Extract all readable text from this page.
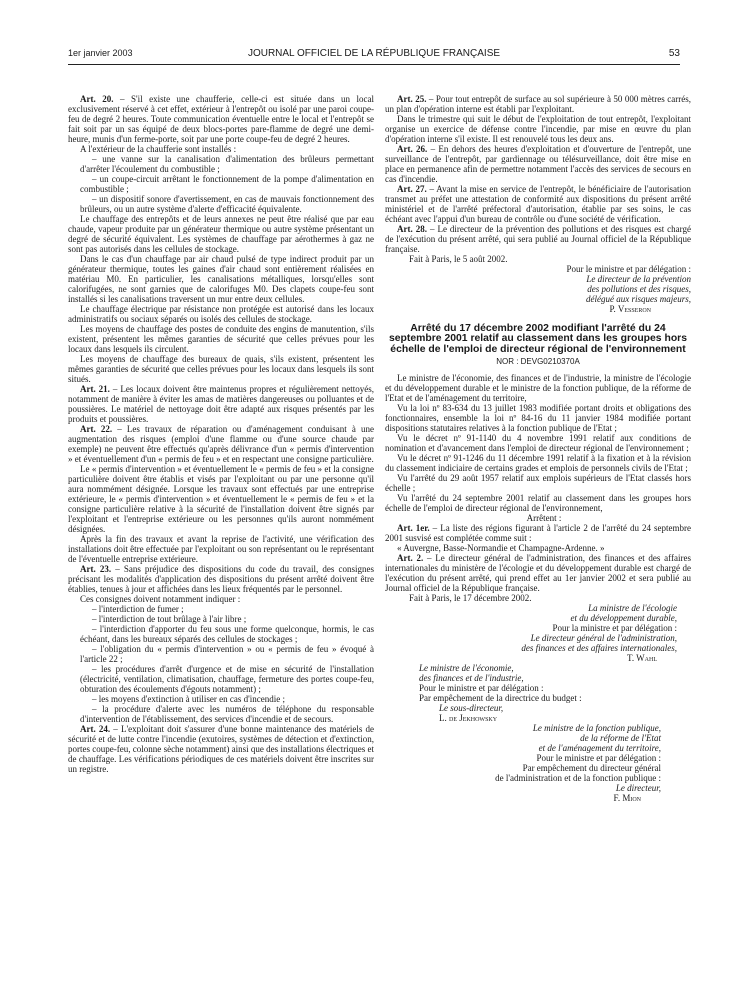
1er janvier 2003	JOURNAL OFFICIEL DE LA RÉPUBLIQUE FRANÇAISE	53

Art. 20. – S'il existe une chaufferie, celle-ci est située dans un local exclusivement réservé à cet effet, extérieur à l'entrepôt ou isolé par une paroi coupe-feu de degré 2 heures. Toute communication éventuelle entre le local et l'entrepôt se fait soit par un sas équipé de deux blocs-portes pare-flamme de degré une demi-heure, munis d'un ferme-porte, soit par une porte coupe-feu de degré 2 heures.

A l'extérieur de la chaufferie sont installés :

– une vanne sur la canalisation d'alimentation des brûleurs permettant d'arrêter l'écoulement du combustible ;

– un coupe-circuit arrêtant le fonctionnement de la pompe d'alimentation en combustible ;

– un dispositif sonore d'avertissement, en cas de mauvais fonctionnement des brûleurs, ou un autre système d'alerte d'efficacité équivalente.

Le chauffage des entrepôts et de leurs annexes ne peut être réalisé que par eau chaude, vapeur produite par un générateur thermique ou autre système présentant un degré de sécurité équivalent. Les systèmes de chauffage par aérothermes à gaz ne sont pas autorisés dans les cellules de stockage.

Dans le cas d'un chauffage par air chaud pulsé de type indirect produit par un générateur thermique, toutes les gaines d'air chaud sont entièrement réalisées en matériau M0. En particulier, les canalisations métalliques, lorsqu'elles sont calorifugées, ne sont garnies que de calorifuges M0. Des clapets coupe-feu sont installés si les canalisations traversent un mur entre deux cellules.

Le chauffage électrique par résistance non protégée est autorisé dans les locaux administratifs ou sociaux séparés ou isolés des cellules de stockage.

Les moyens de chauffage des postes de conduite des engins de manutention, s'ils existent, présentent les mêmes garanties de sécurité que celles prévues pour les locaux dans lesquels ils circulent.

Les moyens de chauffage des bureaux de quais, s'ils existent, présentent les mêmes garanties de sécurité que celles prévues pour les locaux dans lesquels ils sont situés.

Art. 21. – Les locaux doivent être maintenus propres et régulièrement nettoyés, notamment de manière à éviter les amas de matières dangereuses ou polluantes et de poussières. Le matériel de nettoyage doit être adapté aux risques présentés par les produits et poussières.

Art. 22. – Les travaux de réparation ou d'aménagement conduisant à une augmentation des risques (emploi d'une flamme ou d'une source chaude par exemple) ne peuvent être effectués qu'après délivrance d'un « permis d'intervention » et éventuellement d'un « permis de feu » et en respectant une consigne particulière.

Le « permis d'intervention » et éventuellement le « permis de feu » et la consigne particulière doivent être établis et visés par l'exploitant ou par une personne qu'il aura nommément désignée. Lorsque les travaux sont effectués par une entreprise extérieure, le « permis d'intervention » et éventuellement le « permis de feu » et la consigne particulière relative à la sécurité de l'installation doivent être signés par l'exploitant et l'entreprise extérieure ou les personnes qu'ils auront nommément désignées.

Après la fin des travaux et avant la reprise de l'activité, une vérification des installations doit être effectuée par l'exploitant ou son représentant ou le représentant de l'éventuelle entreprise extérieure.

Art. 23. – Sans préjudice des dispositions du code du travail, des consignes précisant les modalités d'application des dispositions du présent arrêté doivent être établies, tenues à jour et affichées dans les lieux fréquentés par le personnel.

Ces consignes doivent notamment indiquer :

– l'interdiction de fumer ;

– l'interdiction de tout brûlage à l'air libre ;

– l'interdiction d'apporter du feu sous une forme quelconque, hormis, le cas échéant, dans les bureaux séparés des cellules de stockages ;

– l'obligation du « permis d'intervention » ou « permis de feu » évoqué à l'article 22 ;

– les procédures d'arrêt d'urgence et de mise en sécurité de l'installation (électricité, ventilation, climatisation, chauffage, fermeture des portes coupe-feu, obturation des écoulements d'égouts notamment) ;

– les moyens d'extinction à utiliser en cas d'incendie ;

– la procédure d'alerte avec les numéros de téléphone du responsable d'intervention de l'établissement, des services d'incendie et de secours.

Art. 24. – L'exploitant doit s'assurer d'une bonne maintenance des matériels de sécurité et de lutte contre l'incendie (exutoires, systèmes de détection et d'extinction, portes coupe-feu, colonne sèche notamment) ainsi que des installations électriques et de chauffage. Les vérifications périodiques de ces matériels doivent être inscrites sur un registre.

Art. 25. – Pour tout entrepôt de surface au sol supérieure à 50 000 mètres carrés, un plan d'opération interne est établi par l'exploitant.

Dans le trimestre qui suit le début de l'exploitation de tout entrepôt, l'exploitant organise un exercice de défense contre l'incendie, par mise en œuvre du plan d'opération interne s'il existe. Il est renouvelé tous les deux ans.

Art. 26. – En dehors des heures d'exploitation et d'ouverture de l'entrepôt, une surveillance de l'entrepôt, par gardiennage ou télésurveillance, doit être mise en place en permanence afin de permettre notamment l'accès des services de secours en cas d'incendie.

Art. 27. – Avant la mise en service de l'entrepôt, le bénéficiaire de l'autorisation transmet au préfet une attestation de conformité aux dispositions du présent arrêté ministériel et de l'arrêté préfectoral d'autorisation, établie par ses soins, le cas échéant avec l'appui d'un bureau de contrôle ou d'une société de vérification.

Art. 28. – Le directeur de la prévention des pollutions et des risques est chargé de l'exécution du présent arrêté, qui sera publié au Journal officiel de la République française.

Fait à Paris, le 5 août 2002.

Pour le ministre et par délégation :

Le directeur de la prévention

des pollutions et des risques,

délégué aux risques majeurs,

P. Vesseron

Arrêté du 17 décembre 2002 modifiant l'arrêté du 24 septembre 2001 relatif au classement dans les groupes hors échelle de l'emploi de directeur régional de l'environnement
NOR : DEVG0210370A

Le ministre de l'économie, des finances et de l'industrie, la ministre de l'écologie et du développement durable et le ministre de la fonction publique, de la réforme de l'Etat et de l'aménagement du territoire,

Vu la loi nº 83-634 du 13 juillet 1983 modifiée portant droits et obligations des fonctionnaires, ensemble la loi nº 84-16 du 11 janvier 1984 modifiée portant dispositions statutaires relatives à la fonction publique de l'Etat ;

Vu le décret nº 91-1140 du 4 novembre 1991 relatif aux conditions de nomination et d'avancement dans l'emploi de directeur régional de l'environnement ;

Vu le décret nº 91-1246 du 11 décembre 1991 relatif à la fixation et à la révision du classement indiciaire de certains grades et emplois de personnels civils de l'Etat ;

Vu l'arrêté du 29 août 1957 relatif aux emplois supérieurs de l'Etat classés hors échelle ;

Vu l'arrêté du 24 septembre 2001 relatif au classement dans les groupes hors échelle de l'emploi de directeur régional de l'environnement,

Arrêtent :

Art. 1er. – La liste des régions figurant à l'article 2 de l'arrêté du 24 septembre 2001 susvisé est complétée comme suit :

« Auvergne, Basse-Normandie et Champagne-Ardenne. »

Art. 2. – Le directeur général de l'administration, des finances et des affaires internationales du ministère de l'écologie et du développement durable est chargé de l'exécution du présent arrêté, qui prend effet au 1er janvier 2002 et sera publié au Journal officiel de la République française.

Fait à Paris, le 17 décembre 2002.

La ministre de l'écologie

et du développement durable,

Pour la ministre et par délégation :

Le directeur général de l'administration,

des finances et des affaires internationales,

T. Wahl

Le ministre de l'économie,

des finances et de l'industrie,

Pour le ministre et par délégation :

Par empêchement de la directrice du budget :

Le sous-directeur,

L. de Jekhowsky

Le ministre de la fonction publique,

de la réforme de l'Etat

et de l'aménagement du territoire,

Pour le ministre et par délégation :

Par empêchement du directeur général

de l'administration et de la fonction publique :

Le directeur,

F. Mion
